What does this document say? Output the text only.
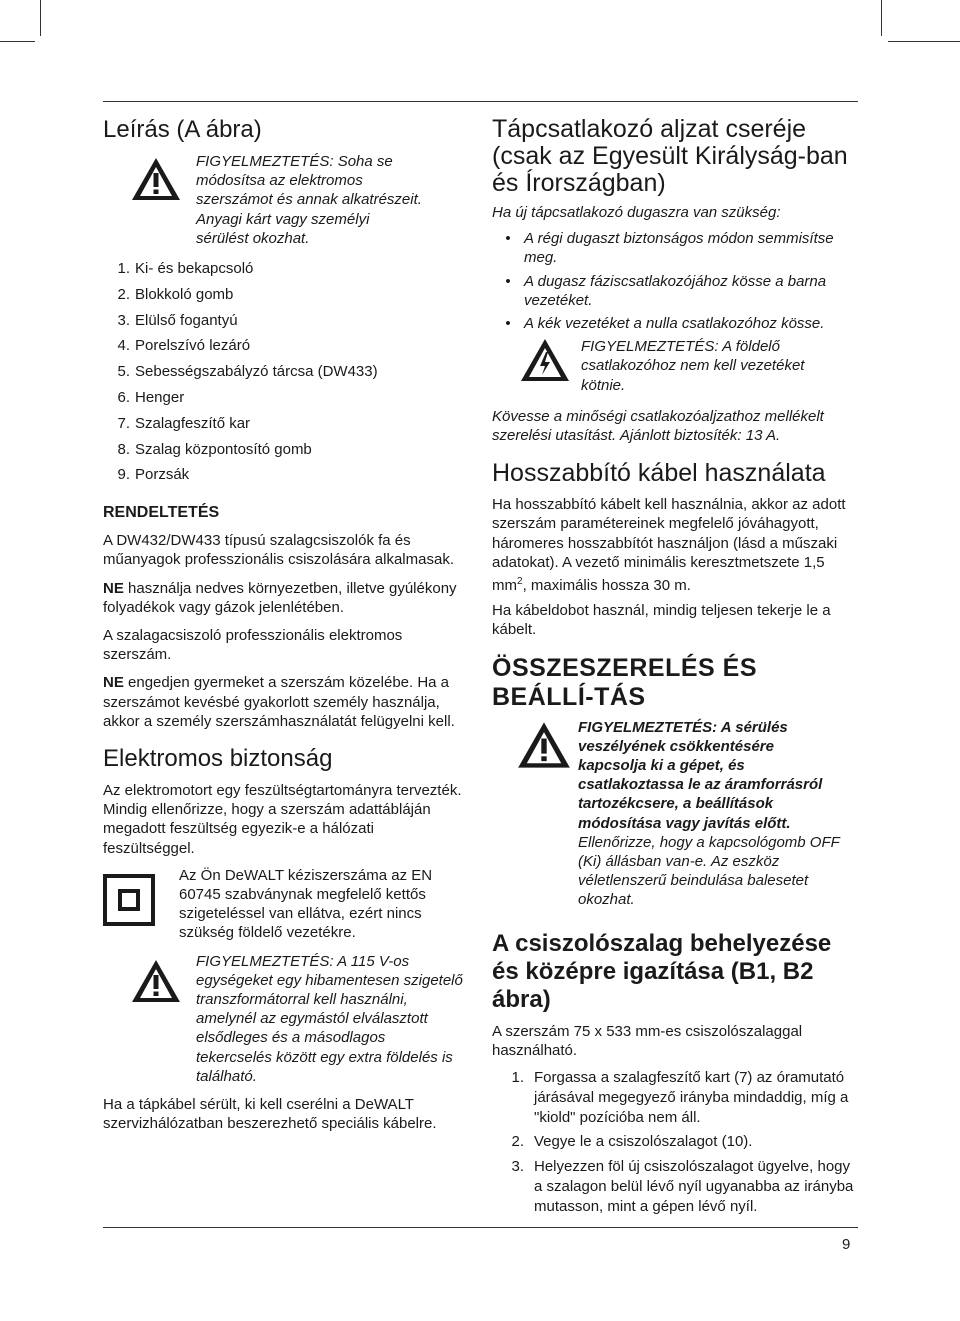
Leírás (A ábra)
FIGYELMEZTETÉS: Soha se módosítsa az elektromos szerszámot és annak alkatrészeit. Anyagi kárt vagy személyi sérülést okozhat.
1. Ki- és bekapcsoló
2. Blokkoló gomb
3. Elülső fogantyú
4. Porelszívó lezáró
5. Sebességszabályzó tárcsa (DW433)
6. Henger
7. Szalagfeszítő kar
8. Szalag központosító gomb
9. Porzsák
RENDELTETÉS

A DW432/DW433 típusú szalagcsiszolók fa és műanyagok professzionális csiszolására alkalmasak.

NE használja nedves környezetben, illetve gyúlékony folyadékok vagy gázok jelenlétében.

A szalagacsiszoló professzionális elektromos szerszám.

NE engedjen gyermeket a szerszám közelébe. Ha a szerszámot kevésbé gyakorlott személy használja, akkor a személy szerszámhasználatát felügyelni kell.

Elektromos biztonság

Az elektromotort egy feszültségtartományra tervezték. Mindig ellenőrizze, hogy a szerszám adattábláján megadott feszültség egyezik-e a hálózati feszültséggel.

Az Ön DeWALT kéziszerszáma az EN 60745 szabványnak megfelelő kettős szigeteléssel van ellátva, ezért nincs szükség földelő vezetékre.

FIGYELMEZTETÉS: A 115 V-os egységeket egy hibamentesen szigetelő transzformátorral kell használni, amelynél az egymástól elválasztott elsődleges és a másodlagos tekercselés között egy extra földelés is található.

Ha a tápkábel sérült, ki kell cserélni a DeWALT szervizhálózatban beszerezhető speciális kábelre.

Tápcsatlakozó aljzat cseréje (csak az Egyesült Királyság-ban és Írországban)

Ha új tápcsatlakozó dugaszra van szükség:

• A régi dugaszt biztonságos módon semmisítse meg.
• A dugasz fáziscsatlakozójához kösse a barna vezetéket.
• A kék vezetéket a nulla csatlakozóhoz kösse.
FIGYELMEZTETÉS: A földelő csatlakozóhoz nem kell vezetéket kötnie.

Kövesse a minőségi csatlakozóaljzathoz mellékelt szerelési utasítást. Ajánlott biztosíték: 13 A.

Hosszabbító kábel használata

Ha hosszabbító kábelt kell használnia, akkor az adott szerszám paramétereinek megfelelő jóváhagyott, háromeres hosszabbítót használjon (lásd a műszaki adatokat). A vezető minimális keresztmetszete 1,5 $mm^2$, maximális hossza 30 m.

Ha kábeldobot használ, mindig teljesen tekerje le a kábelt.

ÖSSZESZERELÉS ÉS BEÁLLÍ-TÁS
FIGYELMEZTETÉS: A sérülés veszélyének csökkentésére kapcsolja ki a gépet, és csatlakoztassa le az áramforrásról tartozékcsere, a beállítások módosítása vagy javítás előtt. Ellenőrizze, hogy a kapcsológomb OFF (Ki) állásban van-e. Az eszköz véletlenszerű beindulása balesetet okozhat.
A csiszolószalag behelyezése és középre igazítása (B1, B2 ábra)

A szerszám 75 x 533 mm-es csiszolószalaggal használható.

1. Forgassa a szalagfeszítő kart (7) az óramutató járásával megegyező irányba mindaddig, míg a "kiold" pozícióba nem áll.
2. Vegye le a csiszolószalagot (10).
3. Helyezzen föl új csiszolószalagot ügyelve, hogy a szalagon belül lévő nyíl ugyanabba az irányba mutasson, mint a gépen lévő nyíl.
9
